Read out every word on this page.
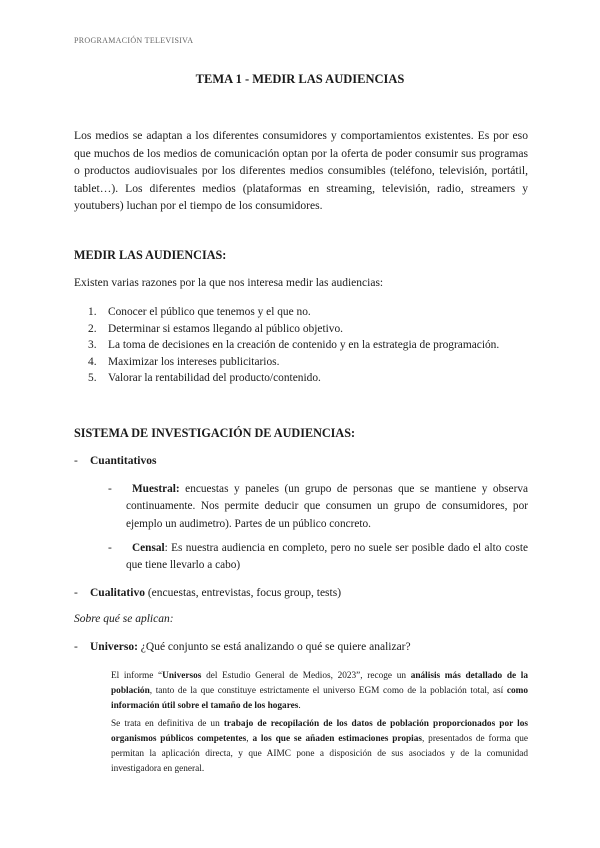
PROGRAMACIÓN TELEVISIVA
TEMA 1 - MEDIR LAS AUDIENCIAS
Los medios se adaptan a los diferentes consumidores y comportamientos existentes. Es por eso que muchos de los medios de comunicación optan por la oferta de poder consumir sus programas o productos audiovisuales por los diferentes medios consumibles (teléfono, televisión, portátil, tablet…). Los diferentes medios (plataformas en streaming, televisión, radio, streamers y youtubers) luchan por el tiempo de los consumidores.
MEDIR LAS AUDIENCIAS:
Existen varias razones por la que nos interesa medir las audiencias:
1.	Conocer el público que tenemos y el que no.
2.	Determinar si estamos llegando al público objetivo.
3.	La toma de decisiones en la creación de contenido y en la estrategia de programación.
4.	Maximizar los intereses publicitarios.
5.	Valorar la rentabilidad del producto/contenido.
SISTEMA DE INVESTIGACIÓN DE AUDIENCIAS:
- Cuantitativos
-	Muestral: encuestas y paneles (un grupo de personas que se mantiene y observa continuamente. Nos permite deducir que consumen un grupo de consumidores, por ejemplo un audimetro). Partes de un público concreto.
-	Censal: Es nuestra audiencia en completo, pero no suele ser posible dado el alto coste que tiene llevarlo a cabo)
- Cualitativo (encuestas, entrevistas, focus group, tests)
Sobre qué se aplican:
- Universo: ¿Qué conjunto se está analizando o qué se quiere analizar?
El informe “Universos del Estudio General de Medios, 2023”, recoge un análisis más detallado de la población, tanto de la que constituye estrictamente el universo EGM como de la población total, así como información útil sobre el tamaño de los hogares.
Se trata en definitiva de un trabajo de recopilación de los datos de población proporcionados por los organismos públicos competentes, a los que se añaden estimaciones propias, presentados de forma que permitan la aplicación directa, y que AIMC pone a disposición de sus asociados y de la comunidad investigadora en general.
